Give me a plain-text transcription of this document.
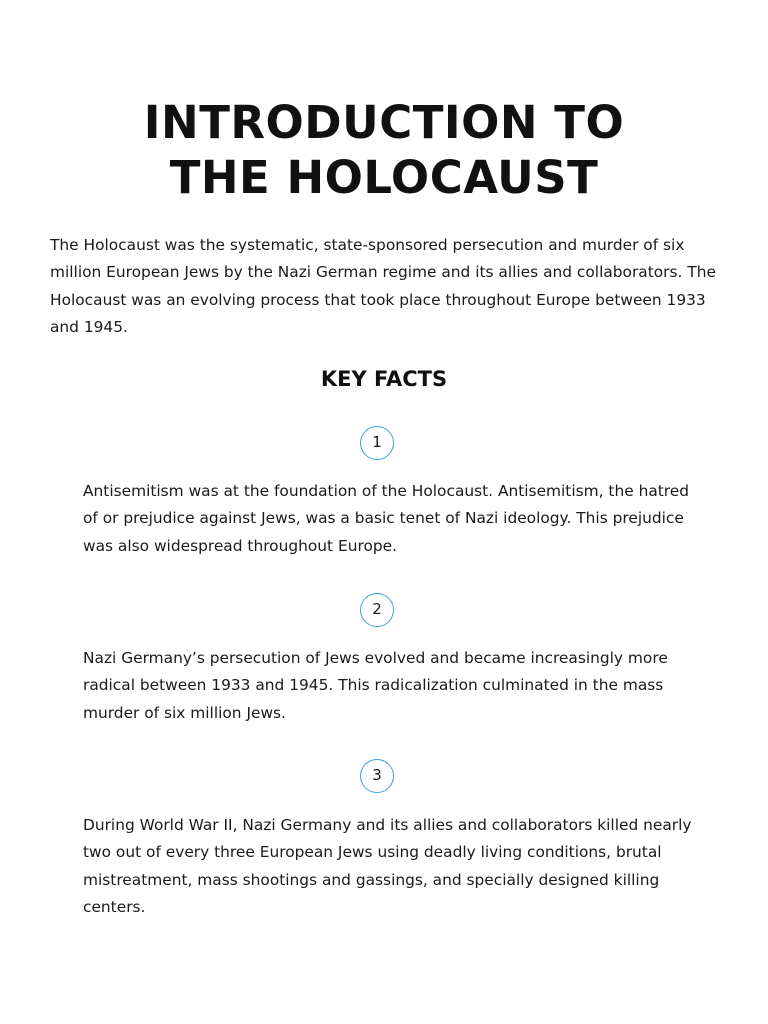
INTRODUCTION TO
THE HOLOCAUST

The Holocaust was the systematic, state-sponsored persecution and murder of six million European Jews by the Nazi German regime and its allies and collaborators. The Holocaust was an evolving process that took place throughout Europe between 1933 and 1945.

KEY FACTS
1

Antisemitism was at the foundation of the Holocaust. Antisemitism, the hatred of or prejudice against Jews, was a basic tenet of Nazi ideology. This prejudice was also widespread throughout Europe.

2

Nazi Germany’s persecution of Jews evolved and became increasingly more radical between 1933 and 1945. This radicalization culminated in the mass murder of six million Jews.

3

During World War II, Nazi Germany and its allies and collaborators killed nearly two out of every three European Jews using deadly living conditions, brutal mistreatment, mass shootings and gassings, and specially designed killing centers.
